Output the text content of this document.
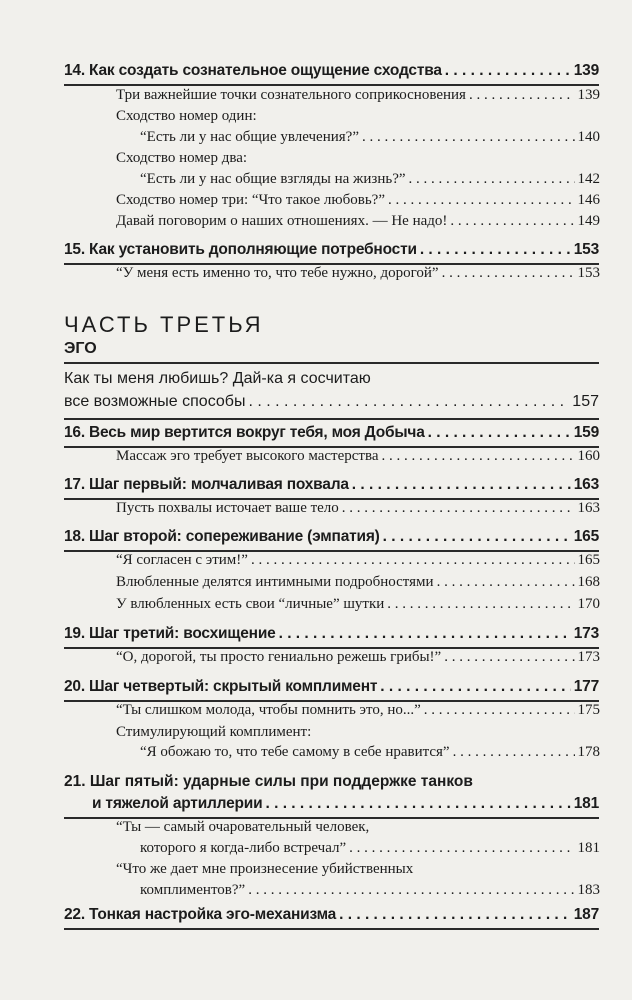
14. Как создать сознательное ощущение сходства . . .	139
Три важнейшие точки сознательного соприкосновения . . .	139
Сходство номер один:
“Есть ли у нас общие увлечения?” . . .	140
Сходство номер два:
“Есть ли у нас общие взгляды на жизнь?” . . .	142
Сходство номер три: “Что такое любовь?” . . .	146
Давай поговорим о наших отношениях. — Не надо! . . .	149
15. Как установить дополняющие потребности . . .	153
“У меня есть именно то, что тебе нужно, дорогой” . . .	153
ЧАСТЬ ТРЕТЬЯ
ЭГО
Как ты меня любишь? Дай-ка я сосчитаю
все возможные способы . . .	157
16. Весь мир вертится вокруг тебя, моя Добыча . . .	159
Массаж эго требует высокого мастерства . . .	160
17. Шаг первый: молчаливая похвала . . .	163
Пусть похвалы источает ваше тело . . .	163
18. Шаг второй: сопереживание (эмпатия) . . .	165
“Я согласен с этим!” . . .	165
Влюбленные делятся интимными подробностями . . .	168
У влюбленных есть свои “личные” шутки . . .	170
19. Шаг третий: восхищение . . .	173
“О, дорогой, ты просто гениально режешь грибы!” . . .	173
20. Шаг четвертый: скрытый комплимент . . .	177
“Ты слишком молода, чтобы помнить это, но...” . . .	175
Стимулирующий комплимент:
“Я обожаю то, что тебе самому в себе нравится” . . .	178
21. Шаг пятый: ударные силы при поддержке танков
и тяжелой артиллерии . . .	181
“Ты — самый очаровательный человек,
которого я когда-либо встречал” . . .	181
“Что же дает мне произнесение убийственных
комплиментов?” . . .	183
22. Тонкая настройка эго-механизма . . .	187
